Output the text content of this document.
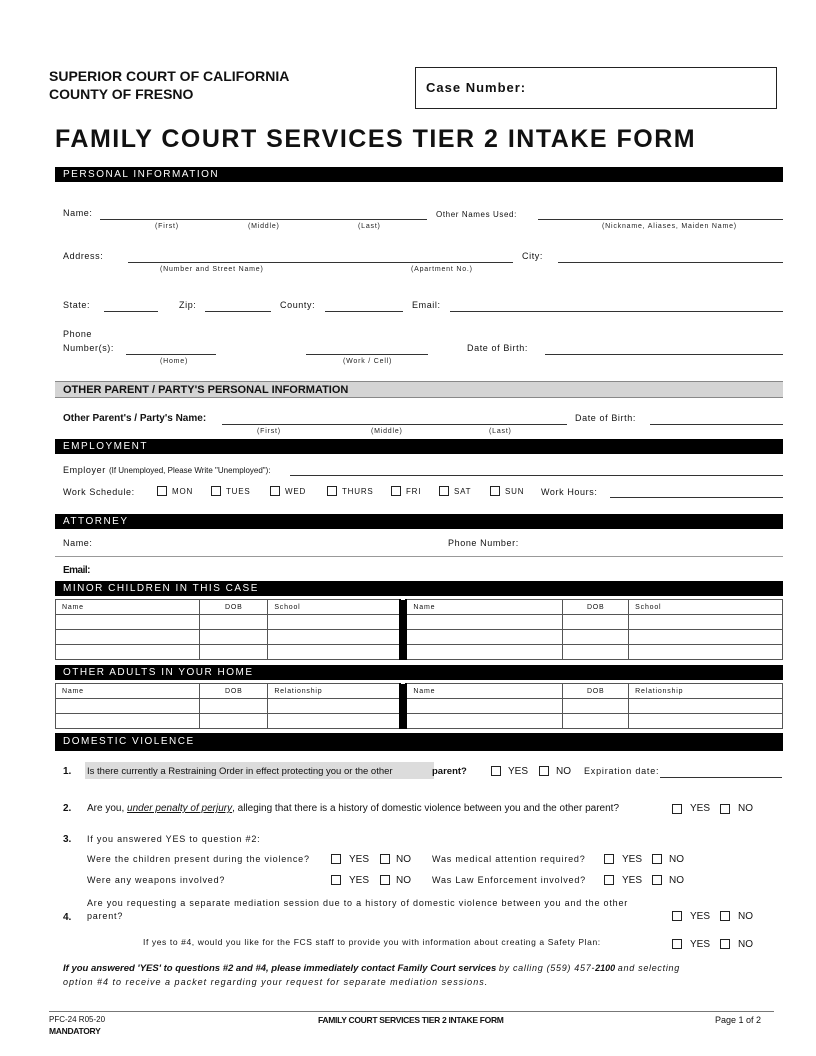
SUPERIOR COURT OF CALIFORNIA
COUNTY OF FRESNO	Case Number:
FAMILY COURT SERVICES TIER 2 INTAKE FORM
PERSONAL INFORMATION
Name:
(First)	(Middle)	(Last)
Other Names Used:
(Nickname, Aliases, Maiden Name)
Address:
(Number and Street Name)	(Apartment No.)
City:
State:	Zip:	County:	Email:
Phone
Number(s):
(Home)	(Work / Cell)
Date of Birth:
OTHER PARENT / PARTY'S PERSONAL INFORMATION
Other Parent's / Party's Name:
(First)	(Middle)	(Last)
Date of Birth:
EMPLOYMENT
Employer (If Unemployed, Please Write "Unemployed"):
Work Schedule:	MON	TUES	WED	THURS	FRI	SAT	SUN Work Hours:
ATTORNEY
Name:	Phone Number:
Email:
MINOR CHILDREN IN THIS CASE
Name	DOB	School		Name	DOB	School

OTHER ADULTS IN YOUR HOME
Name	DOB	Relationship		Name	DOB	Relationship

DOMESTIC VIOLENCE
1. Is there currently a Restraining Order in effect protecting you or the other	parent?	YES	NO Expiration date:
2. Are you, under penalty of perjury, alleging that there is a history of domestic violence between you and the other parent?	YES	NO
3. If you answered YES to question #2:
Were the children present during the violence?	YES	NO Was medical attention required?	YES	NO
Were any weapons involved?	YES	NO Was Law Enforcement involved?	YES	NO
Are you requesting a separate mediation session due to a history of domestic violence between you and the other
4. parent?	YES	NO
If yes to #4, would you like for the FCS staff to provide you with information about creating a Safety Plan:	YES	NO
If you answered 'YES' to questions #2 and #4, please immediately contact Family Court services by calling (559) 457-2100 and selecting
option #4 to receive a packet regarding your request for separate mediation sessions.
PFC-24 R05-20
MANDATORY
FAMILY COURT SERVICES TIER 2 INTAKE FORM	Page 1 of 2
